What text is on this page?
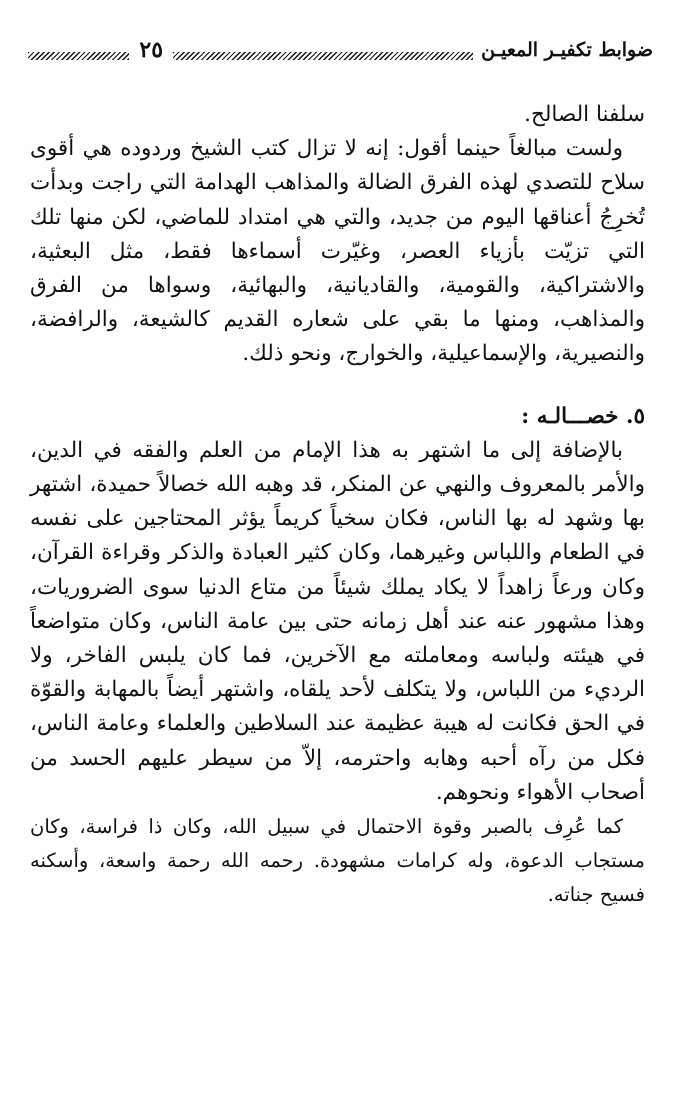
ضوابط تكفيـر المعيـن
٢٥

سلفنا الصالح.

ولست مبالغاً حينما أقول: إنه لا تزال كتب الشيخ وردوده هي أقوى سلاح للتصدي لهذه الفرق الضالة والمذاهب الهدامة التي راجت وبدأت تُخرِجُ أعناقها اليوم من جديد، والتي هي امتداد للماضي، لكن منها تلك التي تزيّت بأزياء العصر، وغيّرت أسماءها فقط، مثل البعثية، والاشتراكية، والقومية، والقاديانية، والبهائية، وسواها من الفرق والمذاهب، ومنها ما بقي على شعاره القديم كالشيعة، والرافضة، والنصيرية، والإسماعيلية، والخوارج، ونحو ذلك.

٥. خصـــالـه :

بالإضافة إلى ما اشتهر به هذا الإمام من العلم والفقه في الدين، والأمر بالمعروف والنهي عن المنكر، قد وهبه الله خصالاً حميدة، اشتهر بها وشهد له بها الناس، فكان سخياً كريماً يؤثر المحتاجين على نفسه في الطعام واللباس وغيرهما، وكان كثير العبادة والذكر وقراءة القرآن، وكان ورعاً زاهداً لا يكاد يملك شيئاً من متاع الدنيا سوى الضروريات، وهذا مشهور عنه عند أهل زمانه حتى بين عامة الناس، وكان متواضعاً في هيئته ولباسه ومعاملته مع الآخرين، فما كان يلبس الفاخر، ولا الرديء من اللباس، ولا يتكلف لأحد يلقاه، واشتهر أيضاً بالمهابة والقوّة في الحق فكانت له هيبة عظيمة عند السلاطين والعلماء وعامة الناس، فكل من رآه أحبه وهابه واحترمه، إلاّ من سيطر عليهم الحسد من أصحاب الأهواء ونحوهم.

كما عُرِف بالصبر وقوة الاحتمال في سبيل الله، وكان ذا فراسة، وكان مستجاب الدعوة، وله كرامات مشهودة. رحمه الله رحمة واسعة، وأسكنه فسيح جناته.
